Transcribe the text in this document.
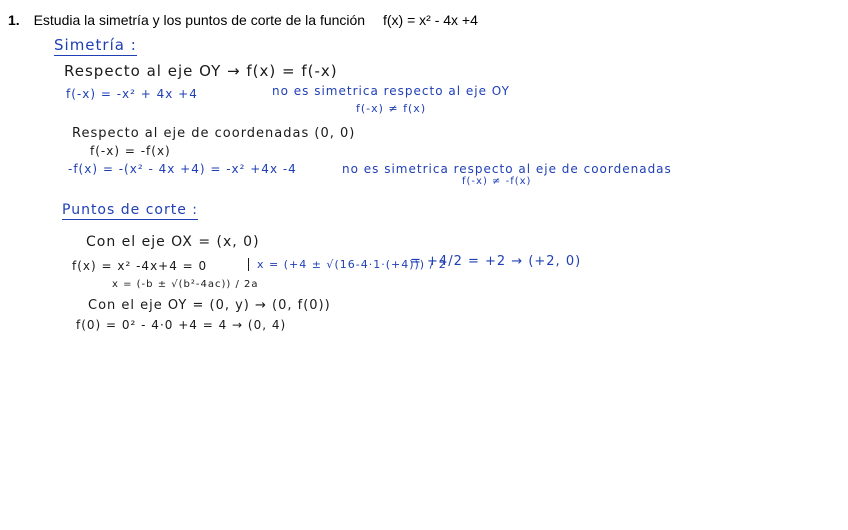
1. Estudia la simetría y los puntos de corte de la función f(x) = x² - 4x +4
Simetría :
Respecto al eje OY → f(x) = f(-x)
f(-x) = -x² + 4x +4	no es simetrica respecto al eje OY
f(-x) ≠ f(x)
Respecto al eje de coordenadas (0, 0)
f(-x) = -f(x)
-f(x) = -(x² - 4x +4) = -x² +4x -4	no es simetrica respecto al eje de coordenadas
f(-x) ≠ -f(x)
Puntos de corte :
Con el eje OX = (x, 0)
f(x) = x² -4x+4 = 0
x = (-b ± √(b²-4ac)) / 2a
x = (+4 ± √(16-4·1·(+4))) / 2
= +4/2 = +2 → (+2, 0)
Con el eje OY = (0, y) → (0, f(0))
f(0) = 0² - 4·0 +4 = 4 → (0, 4)
